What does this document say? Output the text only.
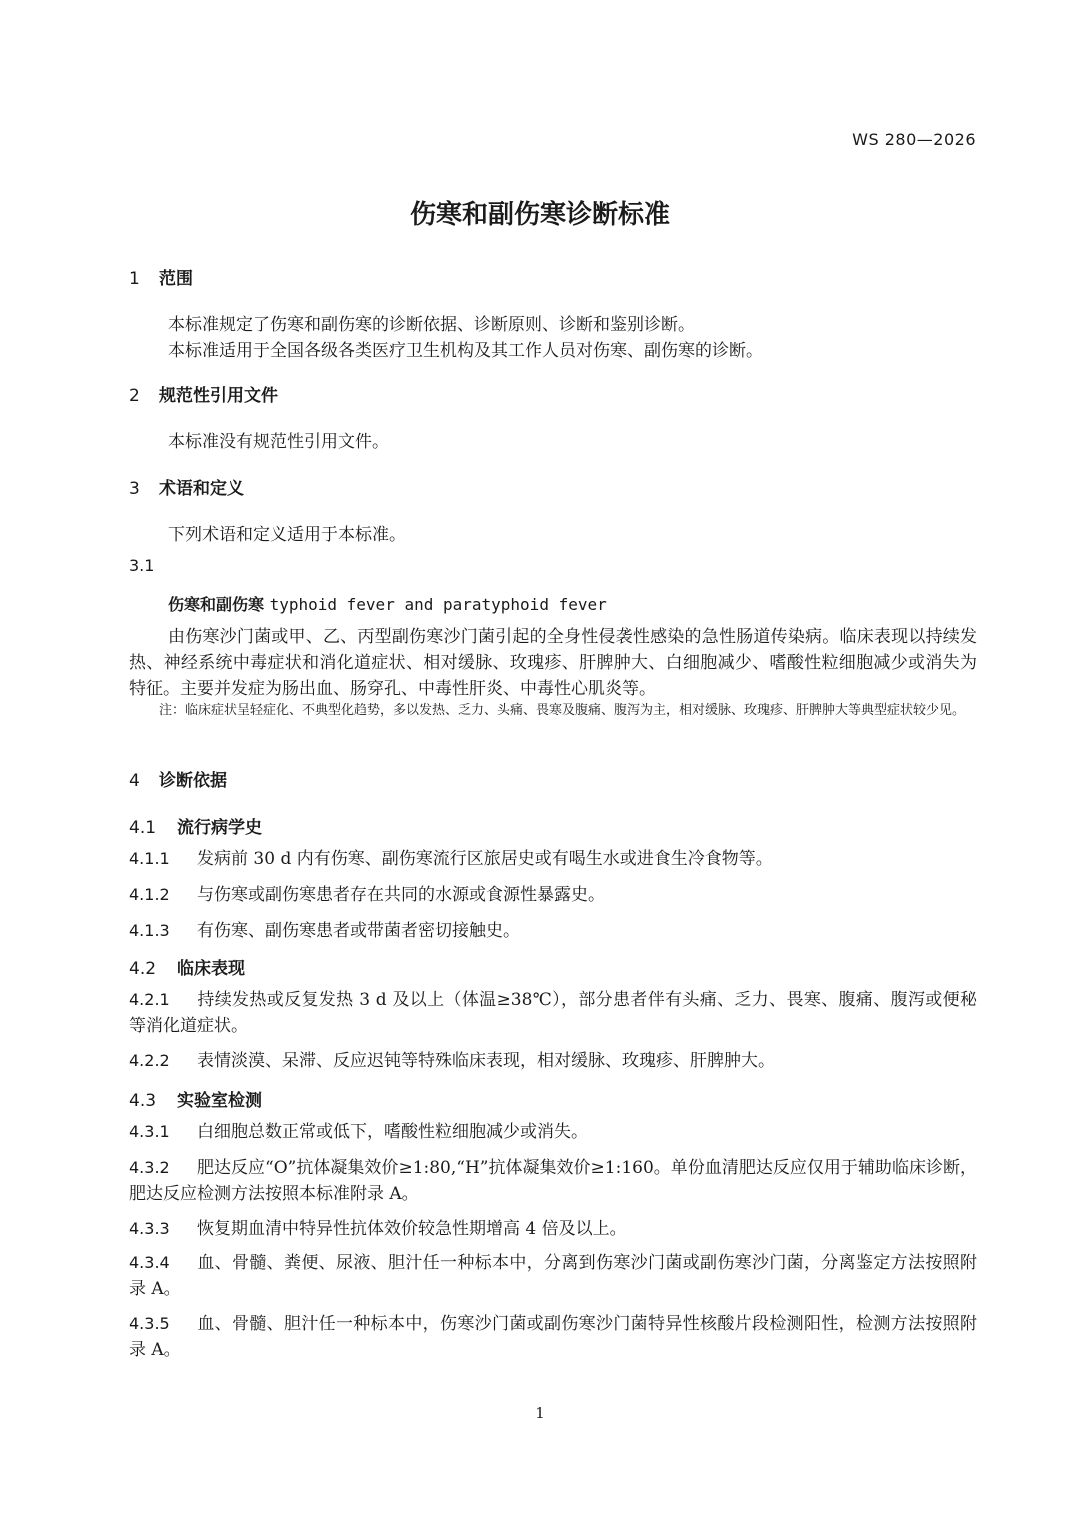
WS 280—2026
伤寒和副伤寒诊断标准
1 范围
本标准规定了伤寒和副伤寒的诊断依据、诊断原则、诊断和鉴别诊断。
本标准适用于全国各级各类医疗卫生机构及其工作人员对伤寒、副伤寒的诊断。
2 规范性引用文件
本标准没有规范性引用文件。
3 术语和定义
下列术语和定义适用于本标准。
3.1
伤寒和副伤寒 typhoid fever and paratyphoid fever
由伤寒沙门菌或甲、乙、丙型副伤寒沙门菌引起的全身性侵袭性感染的急性肠道传染病。临床表现以持续发热、神经系统中毒症状和消化道症状、相对缓脉、玫瑰疹、肝脾肿大、白细胞减少、嗜酸性粒细胞减少或消失为特征。主要并发症为肠出血、肠穿孔、中毒性肝炎、中毒性心肌炎等。
注：临床症状呈轻症化、不典型化趋势，多以发热、乏力、头痛、畏寒及腹痛、腹泻为主，相对缓脉、玫瑰疹、肝脾肿大等典型症状较少见。
4 诊断依据
4.1 流行病学史
4.1.1 发病前 30 d 内有伤寒、副伤寒流行区旅居史或有喝生水或进食生冷食物等。
4.1.2 与伤寒或副伤寒患者存在共同的水源或食源性暴露史。
4.1.3 有伤寒、副伤寒患者或带菌者密切接触史。
4.2 临床表现
4.2.1 持续发热或反复发热 3 d 及以上（体温≥38℃），部分患者伴有头痛、乏力、畏寒、腹痛、腹泻或便秘等消化道症状。
4.2.2 表情淡漠、呆滞、反应迟钝等特殊临床表现，相对缓脉、玫瑰疹、肝脾肿大。
4.3 实验室检测
4.3.1 白细胞总数正常或低下，嗜酸性粒细胞减少或消失。
4.3.2 肥达反应“O”抗体凝集效价≥1:80,“H”抗体凝集效价≥1:160。单份血清肥达反应仅用于辅助临床诊断，肥达反应检测方法按照本标准附录 A。
4.3.3 恢复期血清中特异性抗体效价较急性期增高 4 倍及以上。
4.3.4 血、骨髓、粪便、尿液、胆汁任一种标本中，分离到伤寒沙门菌或副伤寒沙门菌，分离鉴定方法按照附录 A。
4.3.5 血、骨髓、胆汁任一种标本中，伤寒沙门菌或副伤寒沙门菌特异性核酸片段检测阳性，检测方法按照附录 A。
1
